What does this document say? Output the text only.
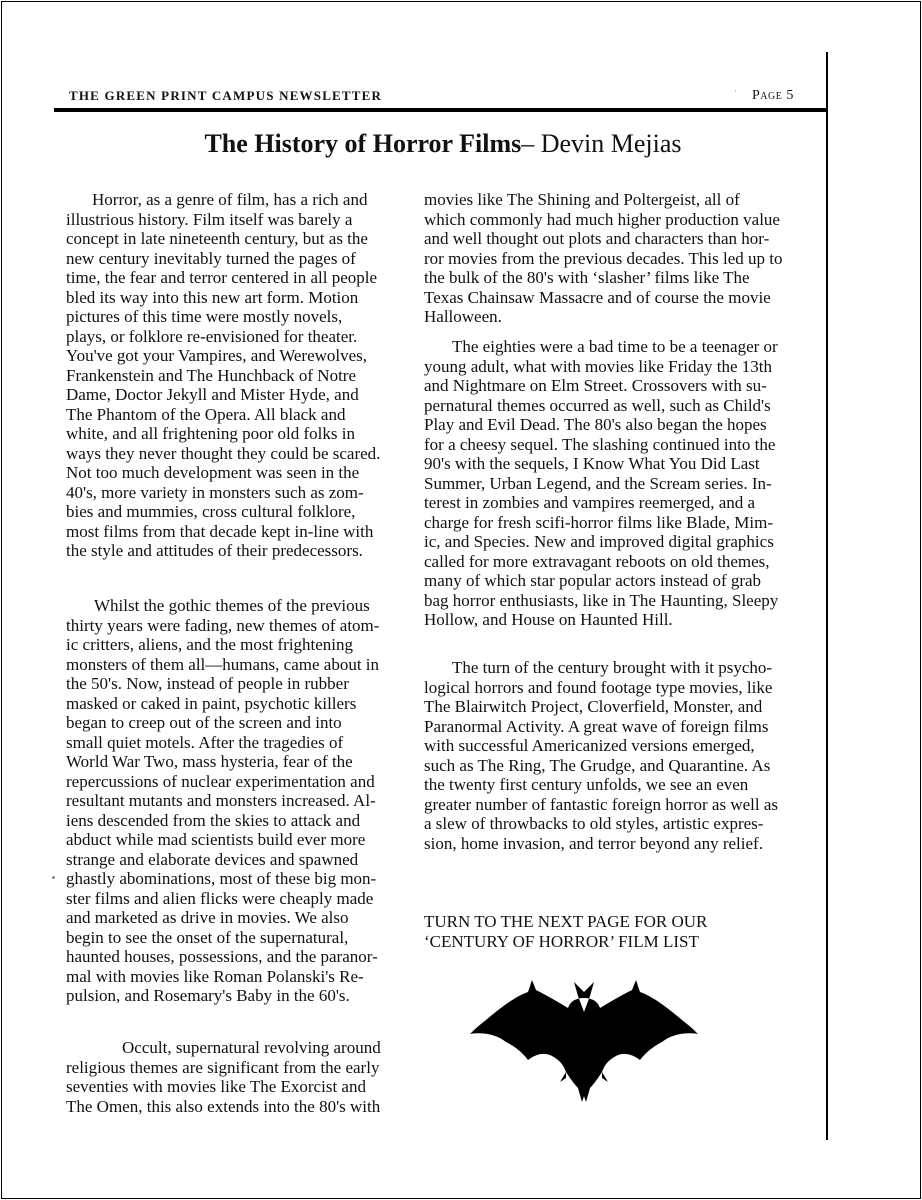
THE GREEN PRINT CAMPUS NEWSLETTER	ˈ Page 5
The History of Horror Films– Devin Mejias
Horror, as a genre of film, has a rich and
illustrious history. Film itself was barely a
concept in late nineteenth century, but as the
new century inevitably turned the pages of
time, the fear and terror centered in all people
bled its way into this new art form. Motion
pictures of this time were mostly novels,
plays, or folklore re-envisioned for theater.
You've got your Vampires, and Werewolves,
Frankenstein and The Hunchback of Notre
Dame, Doctor Jekyll and Mister Hyde, and
The Phantom of the Opera. All black and
white, and all frightening poor old folks in
ways they never thought they could be scared.
Not too much development was seen in the
40's, more variety in monsters such as zom-
bies and mummies, cross cultural folklore,
most films from that decade kept in-line with
the style and attitudes of their predecessors.
Whilst the gothic themes of the previous
thirty years were fading, new themes of atom-
ic critters, aliens, and the most frightening
monsters of them all—humans, came about in
the 50's. Now, instead of people in rubber
masked or caked in paint, psychotic killers
began to creep out of the screen and into
small quiet motels. After the tragedies of
World War Two, mass hysteria, fear of the
repercussions of nuclear experimentation and
resultant mutants and monsters increased. Al-
iens descended from the skies to attack and
abduct while mad scientists build ever more
strange and elaborate devices and spawned
ghastly abominations, most of these big mon-
ster films and alien flicks were cheaply made
and marketed as drive in movies. We also
begin to see the onset of the supernatural,
haunted houses, possessions, and the paranor-
mal with movies like Roman Polanski's Re-
pulsion, and Rosemary's Baby in the 60's.
Occult, supernatural revolving around
religious themes are significant from the early
seventies with movies like The Exorcist and
The Omen, this also extends into the 80's with
movies like The Shining and Poltergeist, all of
which commonly had much higher production value
and well thought out plots and characters than hor-
ror movies from the previous decades. This led up to
the bulk of the 80's with ‘slasher’ films like The
Texas Chainsaw Massacre and of course the movie
Halloween.
The eighties were a bad time to be a teenager or
young adult, what with movies like Friday the 13th
and Nightmare on Elm Street. Crossovers with su-
pernatural themes occurred as well, such as Child's
Play and Evil Dead. The 80's also began the hopes
for a cheesy sequel. The slashing continued into the
90's with the sequels, I Know What You Did Last
Summer, Urban Legend, and the Scream series. In-
terest in zombies and vampires reemerged, and a
charge for fresh scifi-horror films like Blade, Mim-
ic, and Species. New and improved digital graphics
called for more extravagant reboots on old themes,
many of which star popular actors instead of grab
bag horror enthusiasts, like in The Haunting, Sleepy
Hollow, and House on Haunted Hill.
The turn of the century brought with it psycho-
logical horrors and found footage type movies, like
The Blairwitch Project, Cloverfield, Monster, and
Paranormal Activity. A great wave of foreign films
with successful Americanized versions emerged,
such as The Ring, The Grudge, and Quarantine. As
the twenty first century unfolds, we see an even
greater number of fantastic foreign horror as well as
a slew of throwbacks to old styles, artistic expres-
sion, home invasion, and terror beyond any relief.
TURN TO THE NEXT PAGE FOR OUR
‘CENTURY OF HORROR’ FILM LIST
